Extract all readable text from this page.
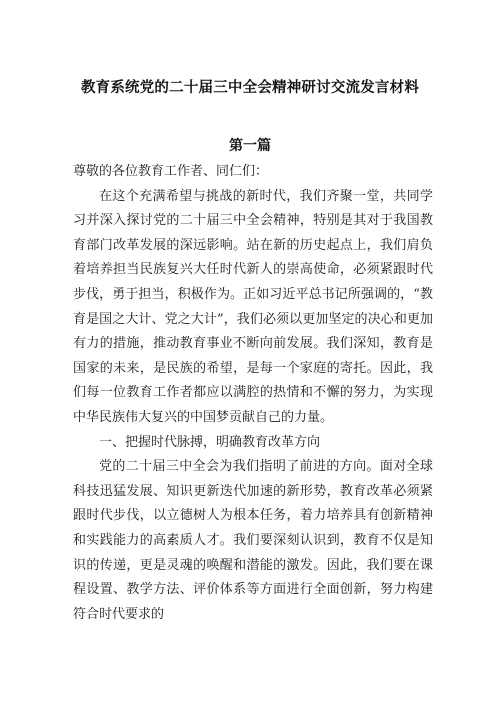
教育系统党的二十届三中全会精神研讨交流发言材料
第一篇

尊敬的各位教育工作者、同仁们：

在这个充满希望与挑战的新时代，我们齐聚一堂，共同学习并深入探讨党的二十届三中全会精神，特别是其对于我国教育部门改革发展的深远影响。站在新的历史起点上，我们肩负着培养担当民族复兴大任时代新人的崇高使命，必须紧跟时代步伐，勇于担当，积极作为。正如习近平总书记所强调的，“教育是国之大计、党之大计”，我们必须以更加坚定的决心和更加有力的措施，推动教育事业不断向前发展。我们深知，教育是国家的未来，是民族的希望，是每一个家庭的寄托。因此，我们每一位教育工作者都应以满腔的热情和不懈的努力，为实现中华民族伟大复兴的中国梦贡献自己的力量。

一、把握时代脉搏，明确教育改革方向

党的二十届三中全会为我们指明了前进的方向。面对全球科技迅猛发展、知识更新迭代加速的新形势，教育改革必须紧跟时代步伐，以立德树人为根本任务，着力培养具有创新精神和实践能力的高素质人才。我们要深刻认识到，教育不仅是知识的传递，更是灵魂的唤醒和潜能的激发。因此，我们要在课程设置、教学方法、评价体系等方面进行全面创新，努力构建符合时代要求的
